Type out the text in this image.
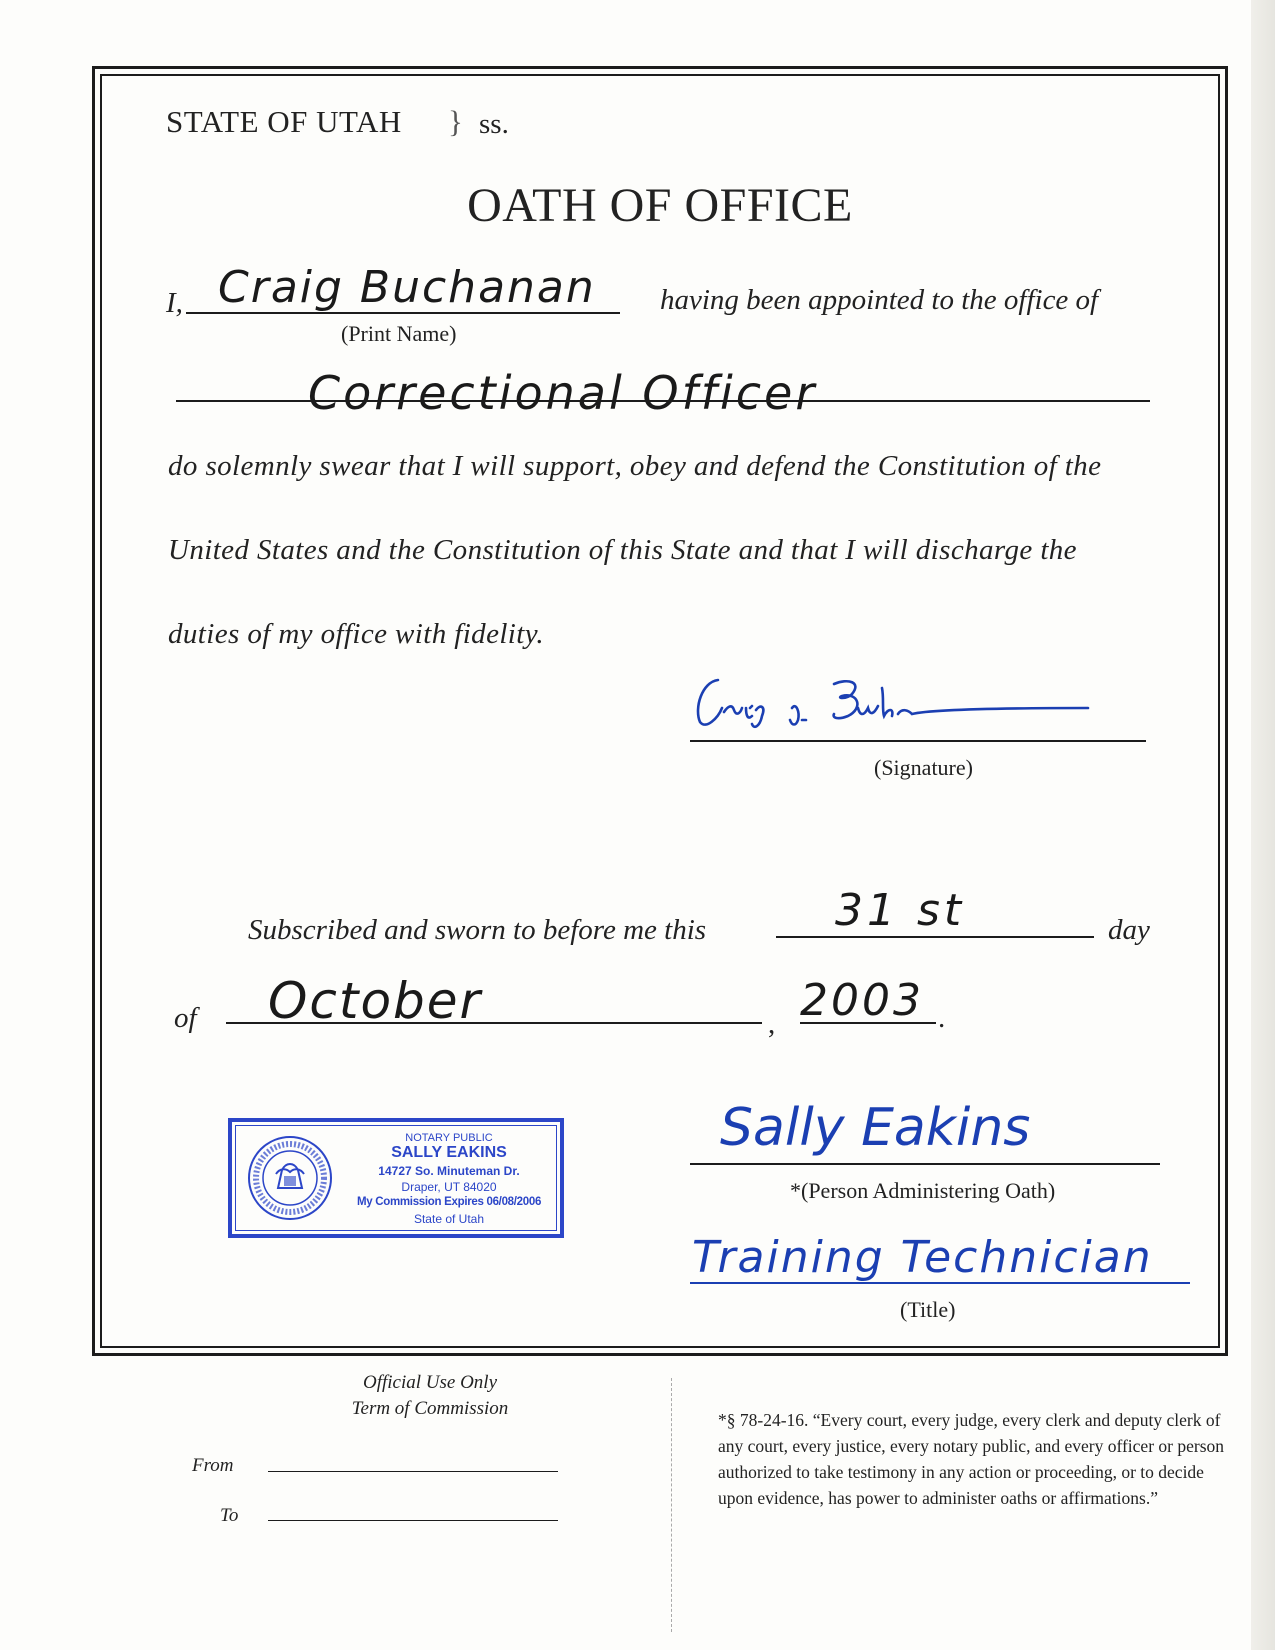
STATE OF UTAH } ss.
OATH OF OFFICE
I, Craig Buchanan
(Print Name)
having been appointed to the office of
Correctional Officer
do solemnly swear that I will support, obey and defend the Constitution of the
United States and the Constitution of this State and that I will discharge the
duties of my office with fidelity.
(Signature)
Subscribed and sworn to before me this	31 st	day
of October	, 2003 .
NOTARY PUBLIC
SALLY EAKINS
14727 So. Minuteman Dr.
Draper, UT 84020
My Commission Expires 06/08/2006
State of Utah
Sally Eakins
*(Person Administering Oath)
Training Technician
(Title)
Official Use Only
Term of Commission
From
To
*§ 78-24-16. “Every court, every judge, every clerk and deputy clerk of any court, every justice, every notary public, and every officer or person authorized to take testimony in any action or proceeding, or to decide upon evidence, has power to administer oaths or affirmations.”
